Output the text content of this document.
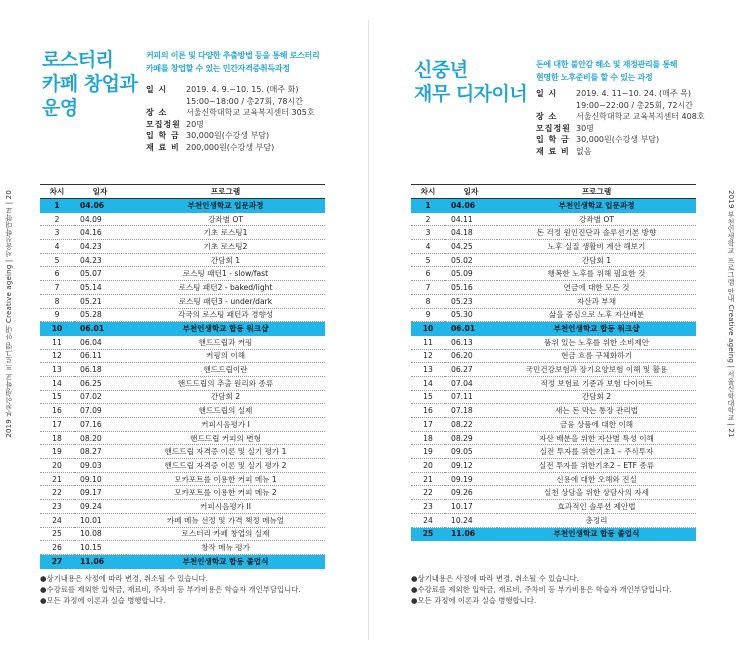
로스터리
카페 창업과
운영
커피의 이론 및 다양한 추출방법 등을 통해 로스터리
카페를 창업할 수 있는 민간자격증취득과정
일 시	2019. 4. 9.~10. 15. (매주 화)
15:00~18:00 / 총27회, 78시간
장 소	서울신학대학교 교육복지센터 305호
모집정원 20명
입 학 금 30,000원(수강생 부담)
재 료 비 200,000원(수강생 부담)
차시	일자	프로그램
1	04.06	부천인생학교 입문과정
2	04.09	강좌별 OT
3	04.16	기초 로스팅1
4	04.23	기초 로스팅2
5	04.23	간담회 1
6	05.07	로스팅 패턴1 - slow/fast
7	05.14	로스팅 패턴2 - baked/light
8	05.21	로스팅 패턴3 - under/dark
9	05.28	각국의 로스팅 패턴과 경향성
10	06.01	부천인생학교 합동 워크샵
11	06.04	핸드드립과 커핑
12	06.11	커핑의 이해
13	06.18	핸드드립이란
14	06.25	핸드드립의 추출 원리와 종류
15	07.02	간담회 2
16	07.09	핸드드립의 실제
17	07.16	커피시음평가 I
18	08.20	핸드드립 커피의 변형
19	08.27	핸드드립 자격증 이론 및 실기 평가 1
20	09.03	핸드드립 자격증 이론 및 실기 평가 2
21	09.10	모카포트를 이용한 커피 메뉴 1
22	09.17	모카포트를 이용한 커피 메뉴 2
23	09.24	커피시음평가 II
24	10.01	카페 메뉴 선정 및 가격 책정 메뉴얼
25	10.08	로스터리 카페 창업의 실제
26	10.15	창작 메뉴 평가
27	11.06	부천인생학교 합동 졸업식
●상기내용은 사정에 따라 변경, 취소될 수 있습니다.
●수강료를 제외한 입학금, 재료비, 주차비 등 부가비용은 학습자 개인부담입니다.
●모든 과정에 이론과 실습 병행합니다.
2019 부천인생학교 프로그램 안내 Creative ageing | 서울신학대학교 | 20
신중년
재무 디자이너
돈에 대한 불안감 해소 및 재정관리를 통해
현명한 노후준비를 할 수 있는 과정
일 시	2019. 4. 11~10. 24. (매주 목)
19:00~22:00 / 총25회, 72시간
장 소	서울신학대학교 교육복지센터 408호
모집정원 30명
입 학 금 30,000원(수강생 부담)
재 료 비 없음
차시	일자	프로그램
1	04.06	부천인생학교 입문과정
2	04.11	강좌별 OT
3	04.18	돈 걱정 원인진단과 솔루션기본 방향
4	04.25	노후 실질 생활비 계산 해보기
5	05.02	간담회 1
6	05.09	행복한 노후를 위해 필요한 것
7	05.16	연금에 대한 모든 것
8	05.23	자산과 부채
9	05.30	삶을 중심으로 노후 자산배분
10	06.01	부천인생학교 합동 워크샵
11	06.13	품위 있는 노후를 위한 소비제안
12	06.20	현금 흐름 구체화하기
13	06.27	국민건강보험과 장기요양보험 이해 및 활용
14	07.04	적정 보험료 기준과 보험 다이어트
15	07.11	간담회 2
16	07.18	새는 돈 막는 통장 관리법
17	08.22	금융 상품에 대한 이해
18	08.29	자산 배분을 위한 자산별 특성 이해
19	09.05	실전 투자를 위한기초1 – 주식투자
20	09.12	실전 투자를 위한기초2 – ETF 종류
21	09.19	신용에 대한 오해와 진실
22	09.26	실천 상담을 위한 상담사의 자세
23	10.17	효과적인 솔루션 제안법
24	10.24	총정리
25	11.06	부천인생학교 합동 졸업식
●상기내용은 사정에 따라 변경, 취소될 수 있습니다.
●수강료를 제외한 입학금, 재료비, 주차비 등 부가비용은 학습자 개인부담입니다.
●모든 과정에 이론과 실습 병행합니다.
2019 부천인생학교 프로그램 안내 Creative ageing | 서울신학대학교 | 21
